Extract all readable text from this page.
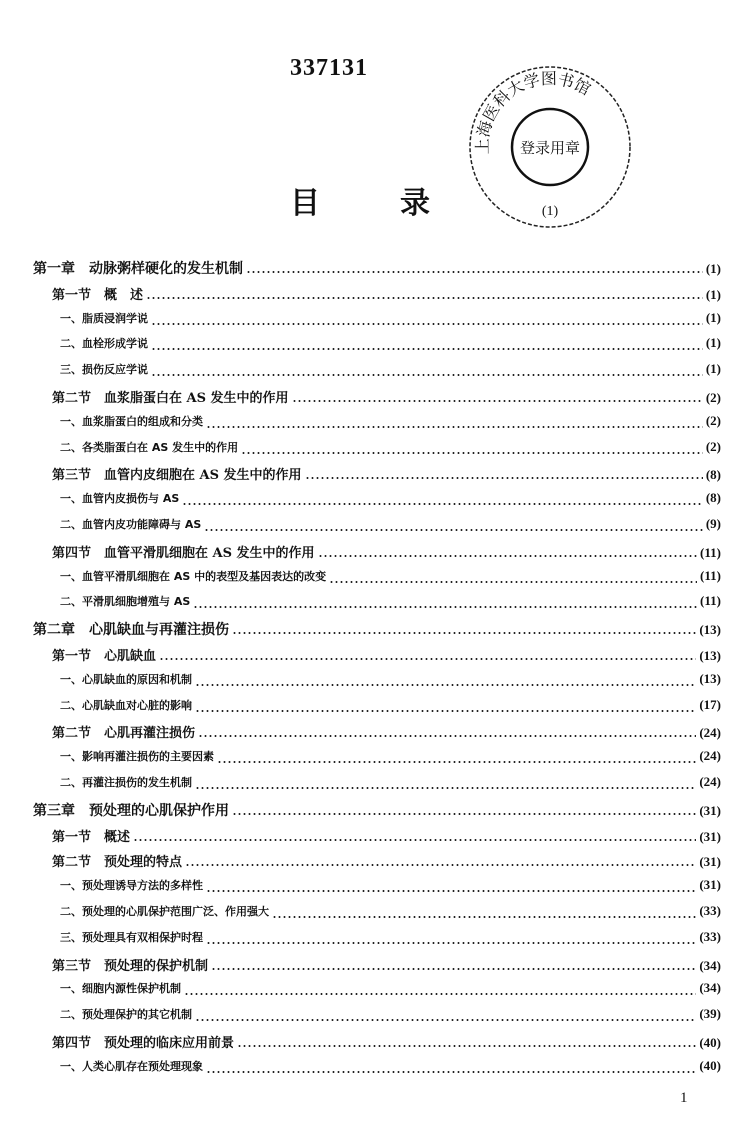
337131
上海医科大学图书馆
登录用章
(1)
目　录
第一章　动脉粥样硬化的发生机制	(1)
第一节　概　述	(1)
一、脂质浸润学说	(1)
二、血栓形成学说	(1)
三、损伤反应学说	(1)
第二节　血浆脂蛋白在 AS 发生中的作用	(2)
一、血浆脂蛋白的组成和分类	(2)
二、各类脂蛋白在 AS 发生中的作用	(2)
第三节　血管内皮细胞在 AS 发生中的作用	(8)
一、血管内皮损伤与 AS	(8)
二、血管内皮功能障碍与 AS	(9)
第四节　血管平滑肌细胞在 AS 发生中的作用	(11)
一、血管平滑肌细胞在 AS 中的表型及基因表达的改变	(11)
二、平滑肌细胞增殖与 AS	(11)
第二章　心肌缺血与再灌注损伤	(13)
第一节　心肌缺血	(13)
一、心肌缺血的原因和机制	(13)
二、心肌缺血对心脏的影响	(17)
第二节　心肌再灌注损伤	(24)
一、影响再灌注损伤的主要因素	(24)
二、再灌注损伤的发生机制	(24)
第三章　预处理的心肌保护作用	(31)
第一节　概述	(31)
第二节　预处理的特点	(31)
一、预处理诱导方法的多样性	(31)
二、预处理的心肌保护范围广泛、作用强大	(33)
三、预处理具有双相保护时程	(33)
第三节　预处理的保护机制	(34)
一、细胞内源性保护机制	(34)
二、预处理保护的其它机制	(39)
第四节　预处理的临床应用前景	(40)
一、人类心肌存在预处理现象	(40)
1
